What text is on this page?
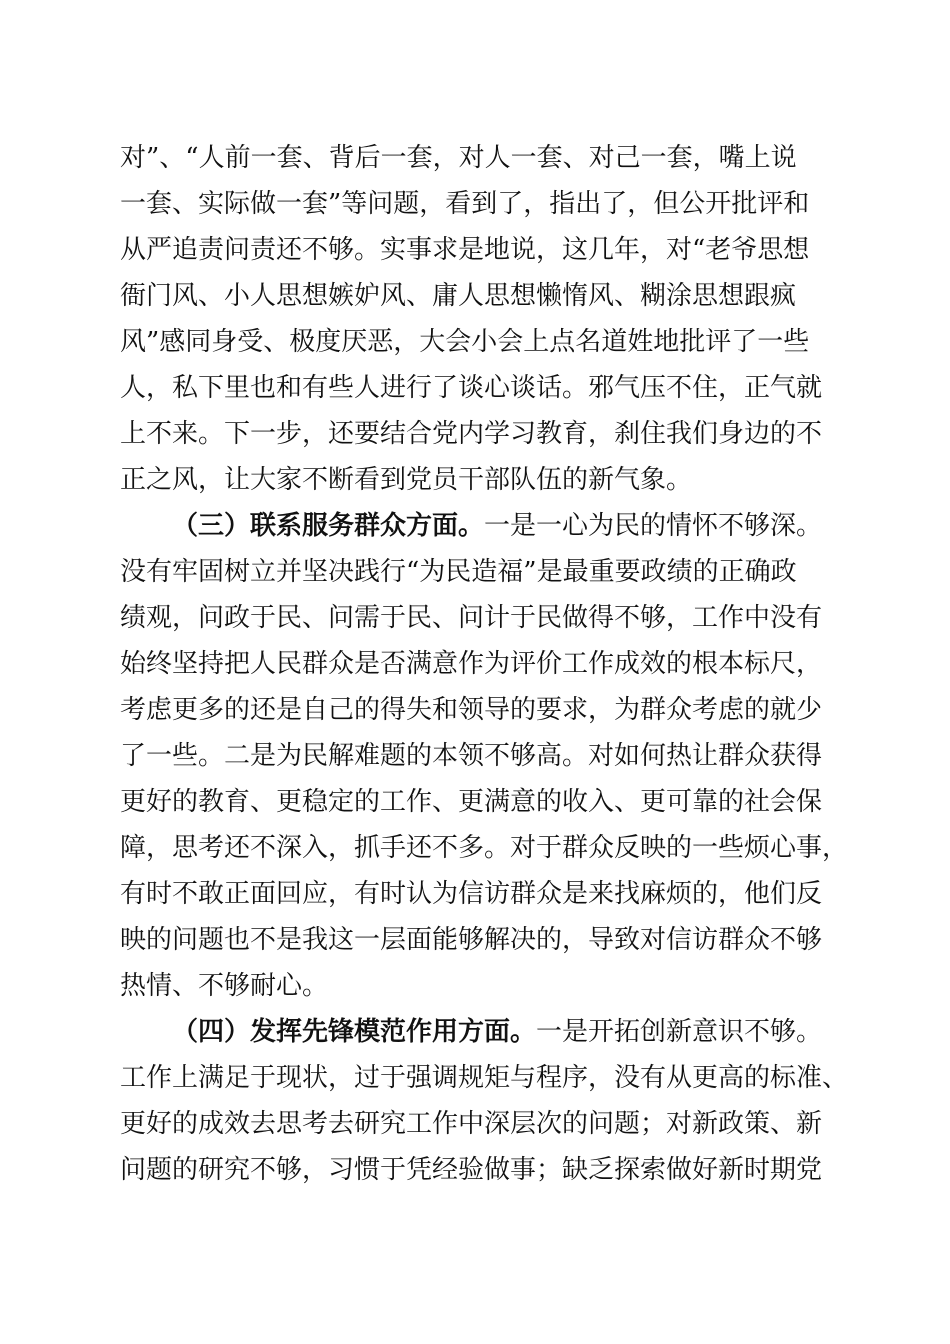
对”、“人前一套、背后一套，对人一套、对己一套，嘴上说
一套、实际做一套”等问题，看到了，指出了，但公开批评和
从严追责问责还不够。实事求是地说，这几年，对“老爷思想
衙门风、小人思想嫉妒风、庸人思想懒惰风、糊涂思想跟疯
风”感同身受、极度厌恶，大会小会上点名道姓地批评了一些
人，私下里也和有些人进行了谈心谈话。邪气压不住，正气就
上不来。下一步，还要结合党内学习教育，刹住我们身边的不
正之风，让大家不断看到党员干部队伍的新气象。
（三）联系服务群众方面。一是一心为民的情怀不够深。
没有牢固树立并坚决践行“为民造福”是最重要政绩的正确政
绩观，问政于民、问需于民、问计于民做得不够，工作中没有
始终坚持把人民群众是否满意作为评价工作成效的根本标尺，
考虑更多的还是自己的得失和领导的要求，为群众考虑的就少
了一些。二是为民解难题的本领不够高。对如何热让群众获得
更好的教育、更稳定的工作、更满意的收入、更可靠的社会保
障，思考还不深入，抓手还不多。对于群众反映的一些烦心事，
有时不敢正面回应，有时认为信访群众是来找麻烦的，他们反
映的问题也不是我这一层面能够解决的，导致对信访群众不够
热情、不够耐心。
（四）发挥先锋模范作用方面。一是开拓创新意识不够。
工作上满足于现状，过于强调规矩与程序，没有从更高的标准、
更好的成效去思考去研究工作中深层次的问题；对新政策、新
问题的研究不够，习惯于凭经验做事；缺乏探索做好新时期党
